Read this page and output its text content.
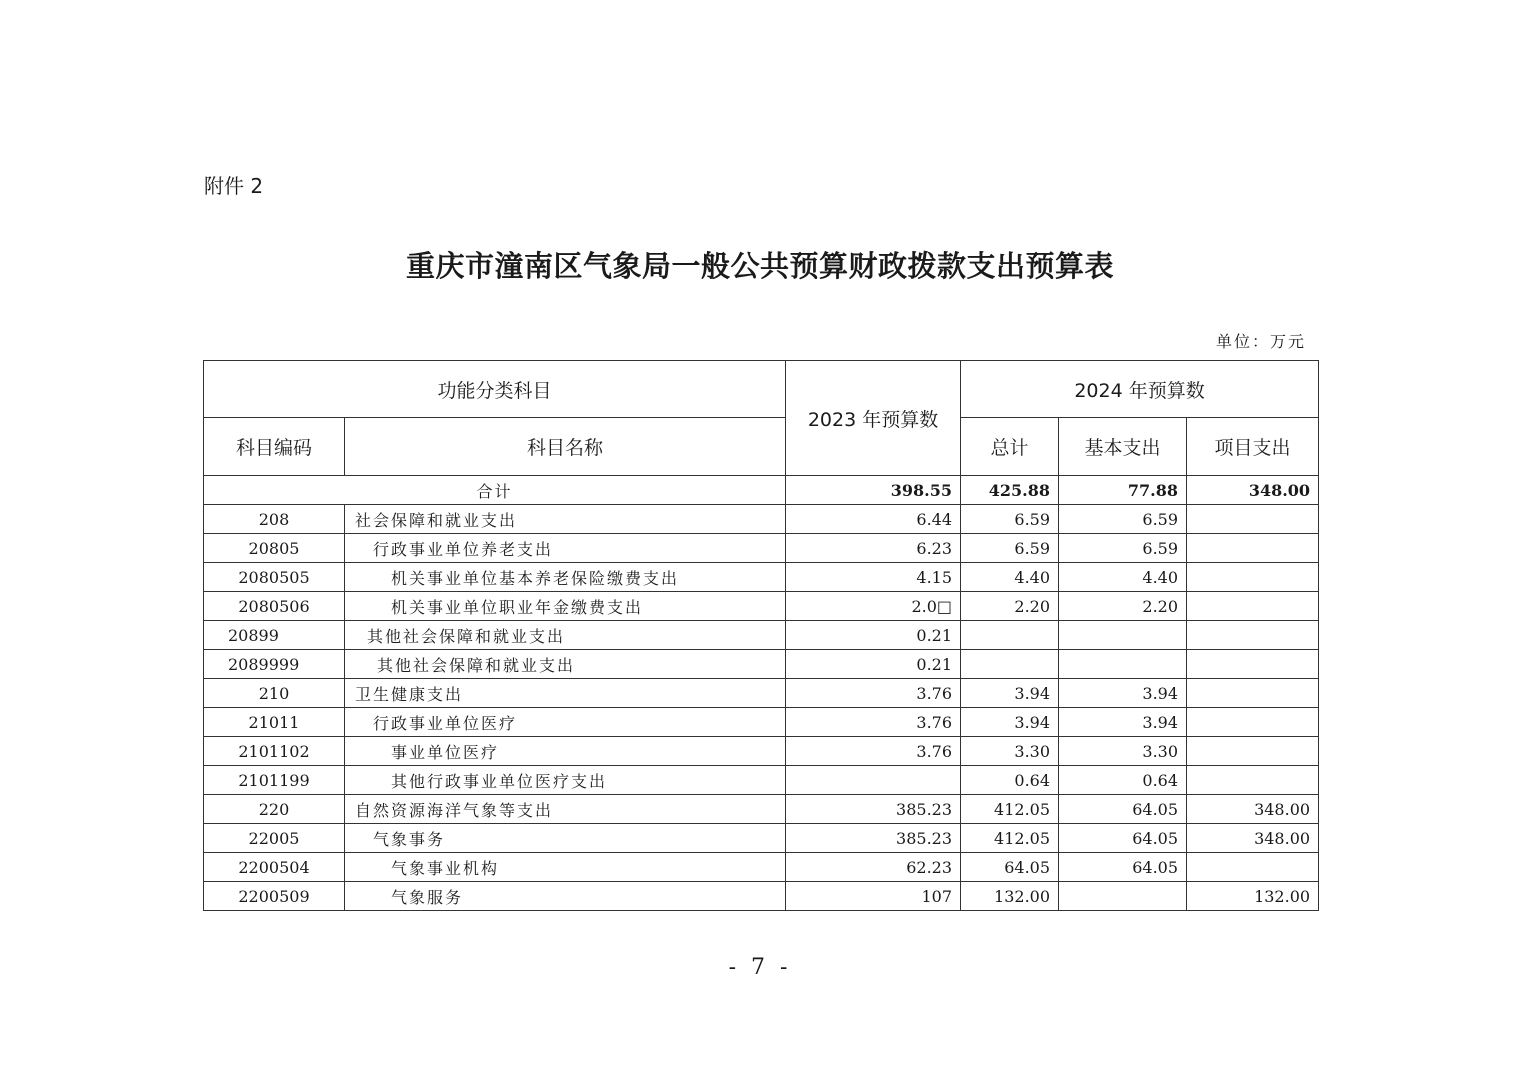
附件 2
重庆市潼南区气象局一般公共预算财政拨款支出预算表
单位：万元
功能分类科目		2023 年预算数	2024 年预算数		
科目编码	科目名称		总计	基本支出	项目支出
合计		398.55	425.88	77.88	348.00
208	社会保障和就业支出	6.44	6.59	6.59	
20805	行政事业单位养老支出	6.23	6.59	6.59	
2080505	机关事业单位基本养老保险缴费支出	4.15	4.40	4.40	
2080506	机关事业单位职业年金缴费支出	2.0□	2.20	2.20	
20899	其他社会保障和就业支出	0.21			
2089999	其他社会保障和就业支出	0.21			
210	卫生健康支出	3.76	3.94	3.94	
21011	行政事业单位医疗	3.76	3.94	3.94	
2101102	事业单位医疗	3.76	3.30	3.30	
2101199	其他行政事业单位医疗支出		0.64	0.64	
220	自然资源海洋气象等支出	385.23	412.05	64.05	348.00
22005	气象事务	385.23	412.05	64.05	348.00
2200504	气象事业机构	62.23	64.05	64.05	
2200509	气象服务	107	132.00		132.00
- 7 -
